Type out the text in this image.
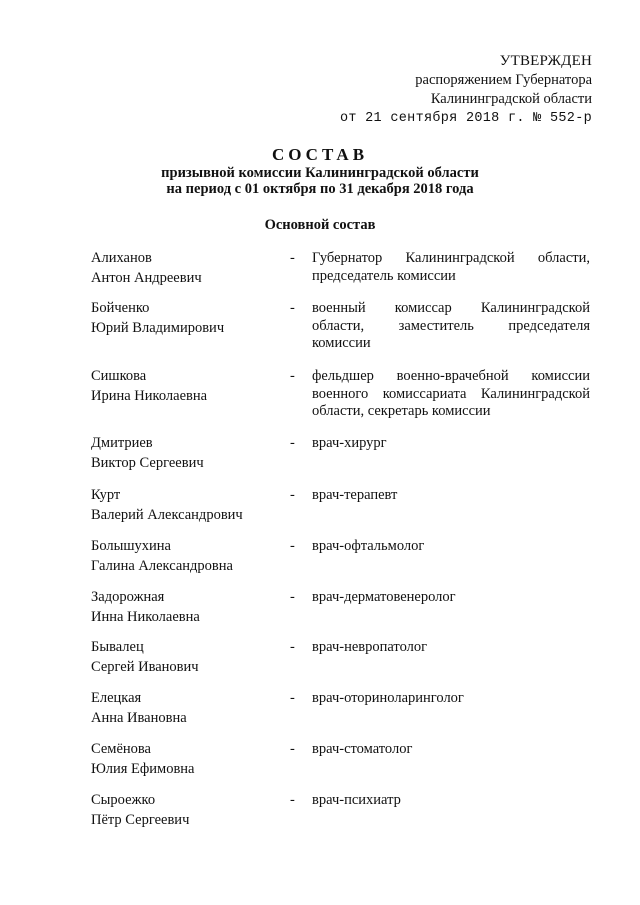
УТВЕРЖДЕН
распоряжением Губернатора
Калининградской области
от 21 сентября 2018 г. № 552-р
СОСТАВ
призывной комиссии Калининградской области
на период с 01 октября по 31 декабря 2018 года
Основной состав
Алиханов
Антон Андреевич
- Губернатор Калининградской области, председатель комиссии
Бойченко
Юрий Владимирович
- военный комиссар Калининградской области, заместитель председателя комиссии
Сишкова
Ирина Николаевна
- фельдшер военно-врачебной комиссии военного комиссариата Калининградской области, секретарь комиссии
Дмитриев
Виктор Сергеевич
- врач-хирург
Курт
Валерий Александрович
- врач-терапевт
Болышухина
Галина Александровна
- врач-офтальмолог
Задорожная
Инна Николаевна
- врач-дерматовенеролог
Бывалец
Сергей Иванович
- врач-невропатолог
Елецкая
Анна Ивановна
- врач-оториноларинголог
Семёнова
Юлия Ефимовна
- врач-стоматолог
Сыроежко
Пётр Сергеевич
- врач-психиатр
